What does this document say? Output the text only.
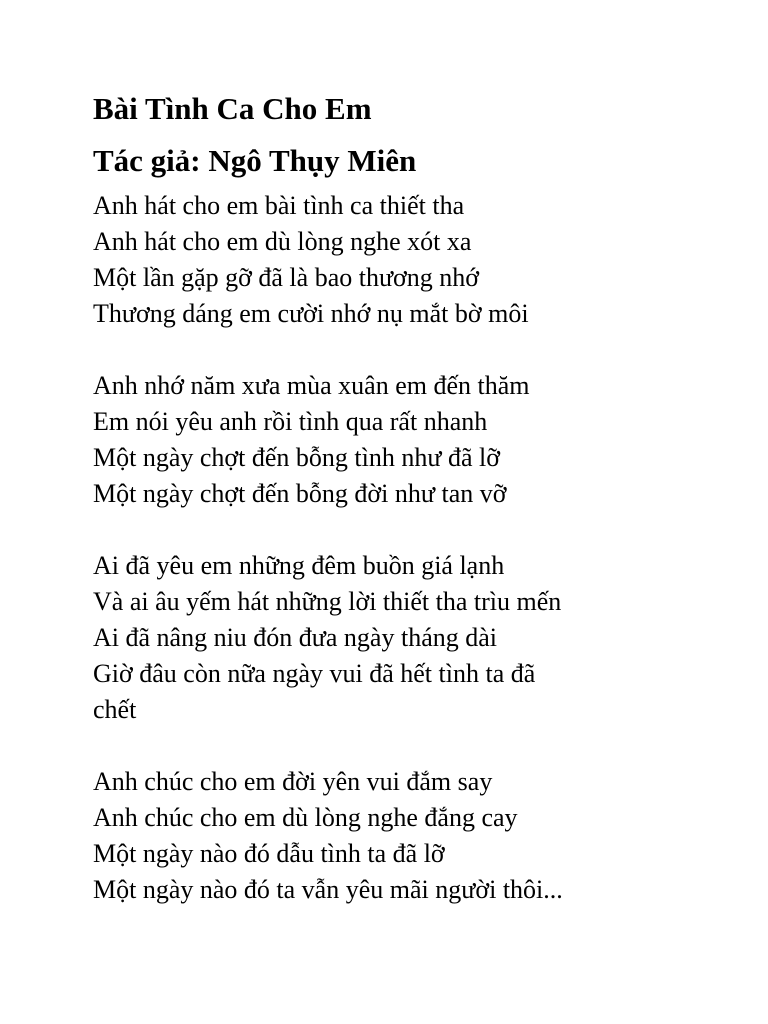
Bài Tình Ca Cho Em
Tác giả: Ngô Thụy Miên
Anh hát cho em bài tình ca thiết tha
Anh hát cho em dù lòng nghe xót xa
Một lần gặp gỡ đã là bao thương nhớ
Thương dáng em cười nhớ nụ mắt bờ môi
Anh nhớ năm xưa mùa xuân em đến thăm
Em nói yêu anh rồi tình qua rất nhanh
Một ngày chợt đến bỗng tình như đã lỡ
Một ngày chợt đến bỗng đời như tan vỡ
Ai đã yêu em những đêm buồn giá lạnh
Và ai âu yếm hát những lời thiết tha trìu mến
Ai đã nâng niu đón đưa ngày tháng dài
Giờ đâu còn nữa ngày vui đã hết tình ta đã
chết
Anh chúc cho em đời yên vui đắm say
Anh chúc cho em dù lòng nghe đắng cay
Một ngày nào đó dẫu tình ta đã lỡ
Một ngày nào đó ta vẫn yêu mãi người thôi...
